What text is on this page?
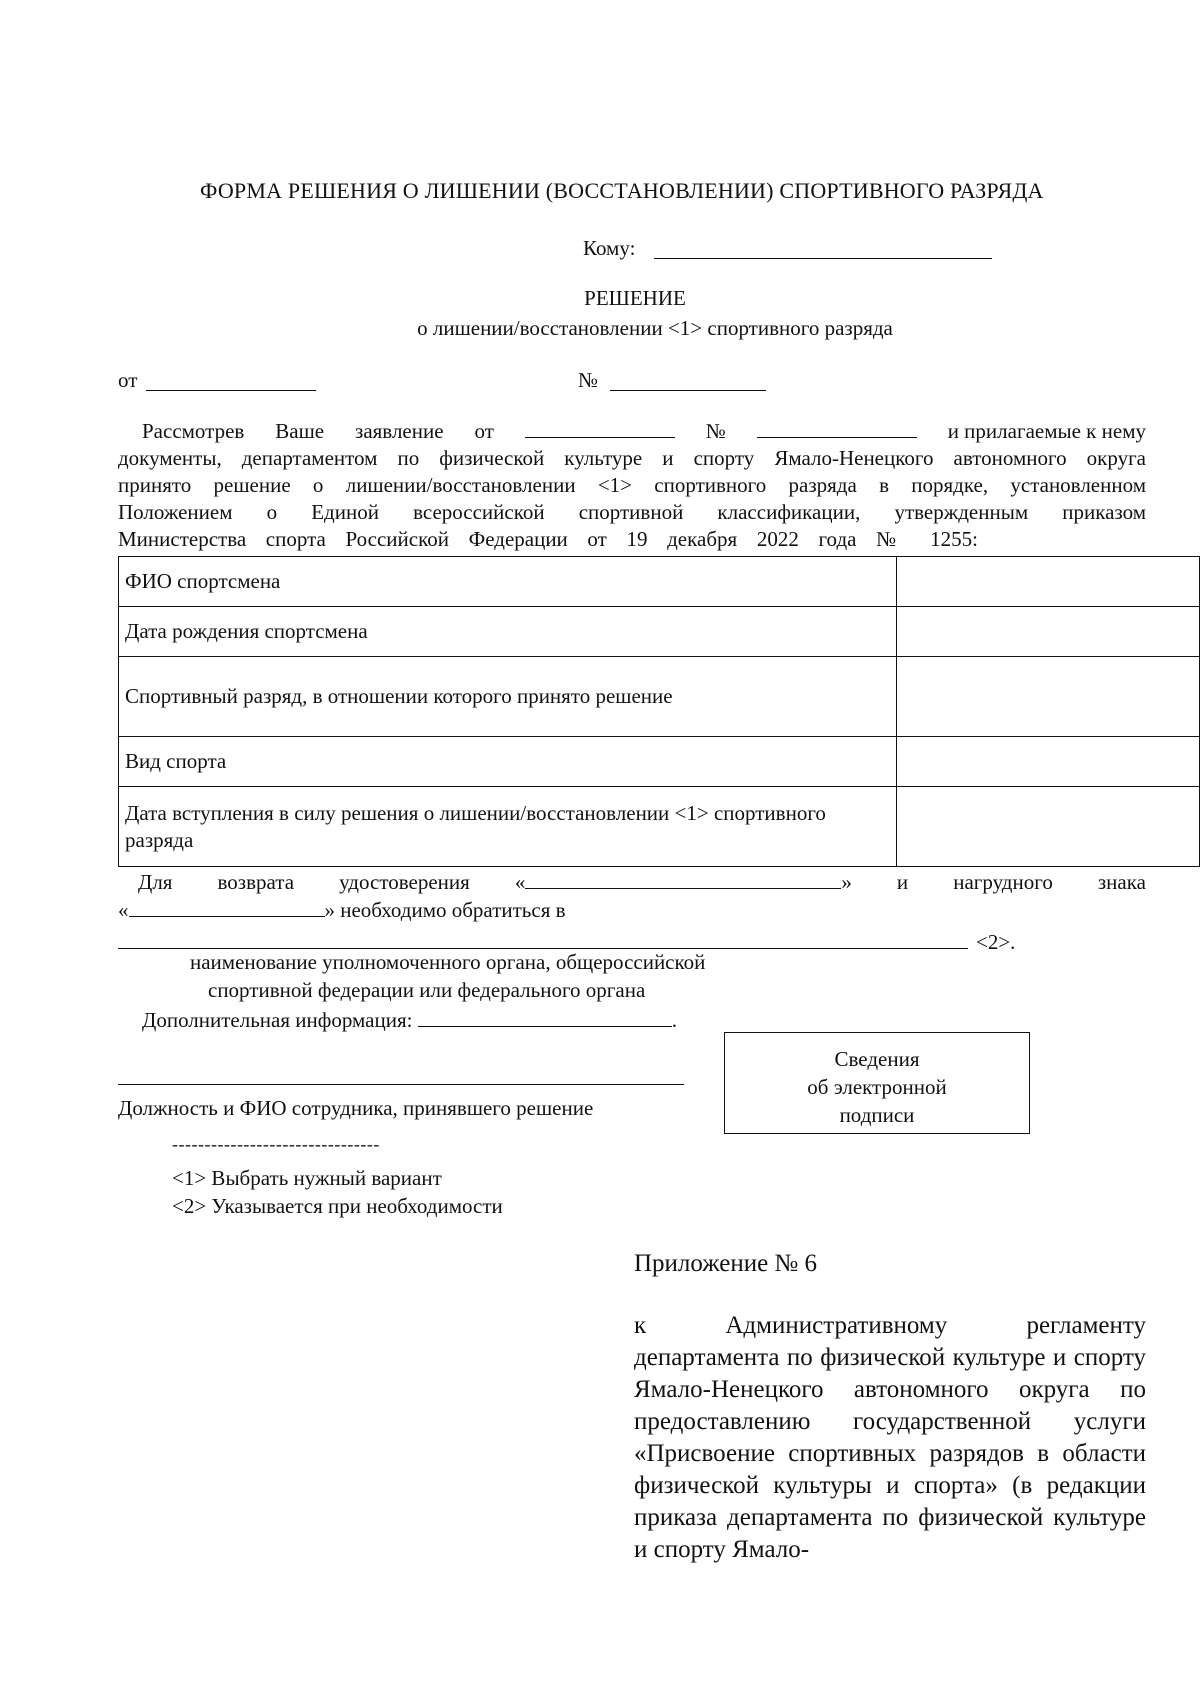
ФОРМА РЕШЕНИЯ О ЛИШЕНИИ (ВОССТАНОВЛЕНИИ) СПОРТИВНОГО РАЗРЯДА
Кому:
РЕШЕНИЕ
о лишении/восстановлении <1> спортивного разряда
от	№
Рассмотрев Ваше заявление от	№	и прилагаемые к нему
документы, департаментом по физической культуре и спорту Ямало-Ненецкого автономного округа
принято решение о лишении/восстановлении <1> спортивного разряда в порядке, установленном
Положением о Единой всероссийской спортивной классификации, утвержденным приказом
Министерства спорта Российской Федерации от 19 декабря 2022 года № 1255:
ФИО спортсмена	
Дата рождения спортсмена	
Спортивный разряд, в отношении которого принято решение	
Вид спорта	
Дата вступления в силу решения о лишении/восстановлении <1> спортивного разряда	
Для возврата удостоверения «	» и нагрудного знака
«	» необходимо обратиться в
<2>.
наименование уполномоченного органа, общероссийской
спортивной федерации или федерального органа
Дополнительная информация:	.
Должность и ФИО сотрудника, принявшего решение
Сведения
об электронной
подписи
--------------------------------
<1> Выбрать нужный вариант
<2> Указывается при необходимости
Приложение № 6
к Административному регламенту департамента по физической культуре и спорту Ямало-Ненецкого автономного округа по предоставлению государственной услуги «Присвоение спортивных разрядов в области физической культуры и спорта» (в редакции приказа департамента по физической культуре и спорту Ямало-
